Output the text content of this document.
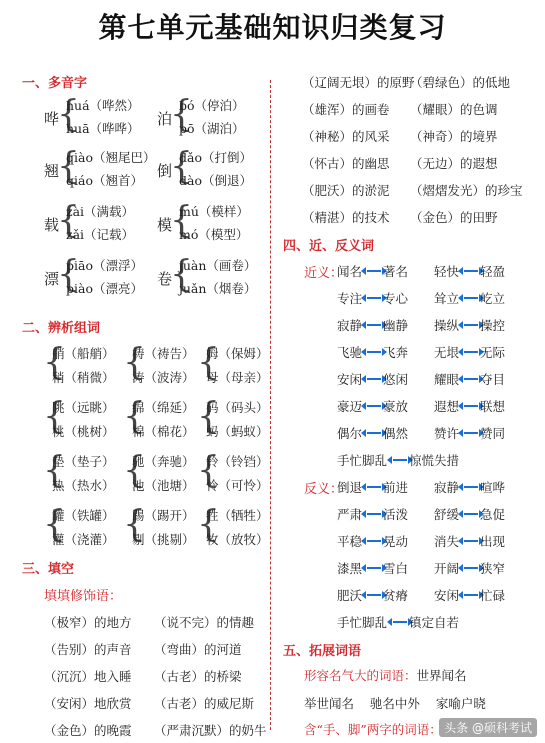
第七单元基础知识归类复习
一、多音字
哗
{
huá（哗然）
huā（哗哗）
泊
{
bó（停泊）
pō（湖泊）
翘
{
qiào（翘尾巴）
qiáo（翘首）
倒
{
dǎo（打倒）
dào（倒退）
载
{
zài（满载）
zǎi（记载）
模
{
mú（模样）
mó（模型）
漂
{
piāo（漂浮）
piào（漂亮）
卷
{
juàn（画卷）
juǎn（烟卷）
二、辨析组词
{
艄（船艄）
稍（稍微） {
祷（祷告）
涛（波涛） {
姆（保姆）
母（母亲）
{
眺（远眺）
桃（桃树） {
绵（绵延）
棉（棉花） {
码（码头）
蚂（蚂蚁）
{
垫（垫子）
热（热水） {
驰（奔驰）
池（池塘） {
铃（铃铛）
怜（可怜）
{
罐（铁罐）
灌（浇灌） {
踢（踢开）
剔（挑剔） {
牲（牺牲）
牧（放牧）
三、填空
填填修饰语：
（极窄）的地方
（告别）的声音
（沉沉）地入睡
（安闲）地欣赏
（金色）的晚霞
（说不完）的情趣
（弯曲）的河道
（古老）的桥梁
（古老）的威尼斯
（严肃沉默）的奶牛
（辽阔无垠）的原野
（碧绿色）的低地
（雄浑）的画卷 （耀眼）的色调
（神秘）的风采 （神奇）的境界
（怀古）的幽思 （无边）的遐想
（肥沃）的淤泥 （熠熠发光）的珍宝
（精湛）的技术 （金色）的田野
四、近、反义词
近义：
反义：
闻名 著名 轻快 轻盈
专注 专心 耸立 屹立
寂静 幽静 操纵 操控
飞驰 飞奔 无垠 无际
安闲 悠闲 耀眼 夺目
豪迈 豪放 遐想 联想
偶尔 偶然 赞许 赞同
手忙脚乱 惊慌失措
倒退 前进 寂静 喧哗
严肃 活泼 舒缓 急促
平稳 晃动 消失 出现
漆黑 雪白 开阔 狭窄
肥沃 贫瘠 安闲 忙碌
手忙脚乱 镇定自若
五、拓展词语
形容名气大的词语：世界闻名
举世闻名 驰名中外 家喻户晓
含“手、脚”两字的词语： 头条 @硕科考试
